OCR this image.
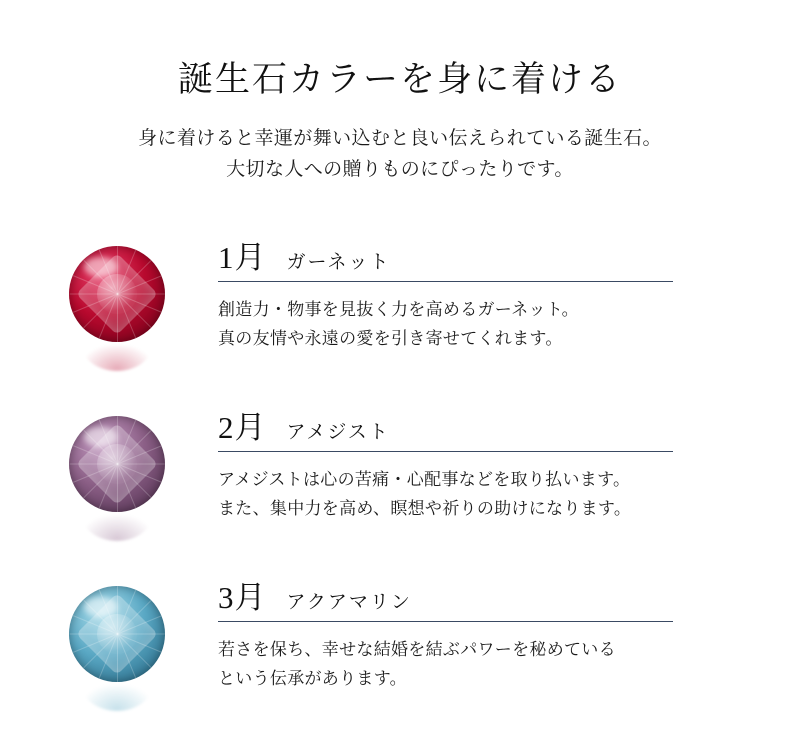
誕生石カラーを身に着ける
身に着けると幸運が舞い込むと良い伝えられている誕生石。
大切な人への贈りものにぴったりです。
1月 ガーネット
創造力・物事を見抜く力を高めるガーネット。
真の友情や永遠の愛を引き寄せてくれます。
2月 アメジスト
アメジストは心の苦痛・心配事などを取り払います。
また、集中力を高め、瞑想や祈りの助けになります。
3月 アクアマリン
若さを保ち、幸せな結婚を結ぶパワーを秘めている
という伝承があります。
